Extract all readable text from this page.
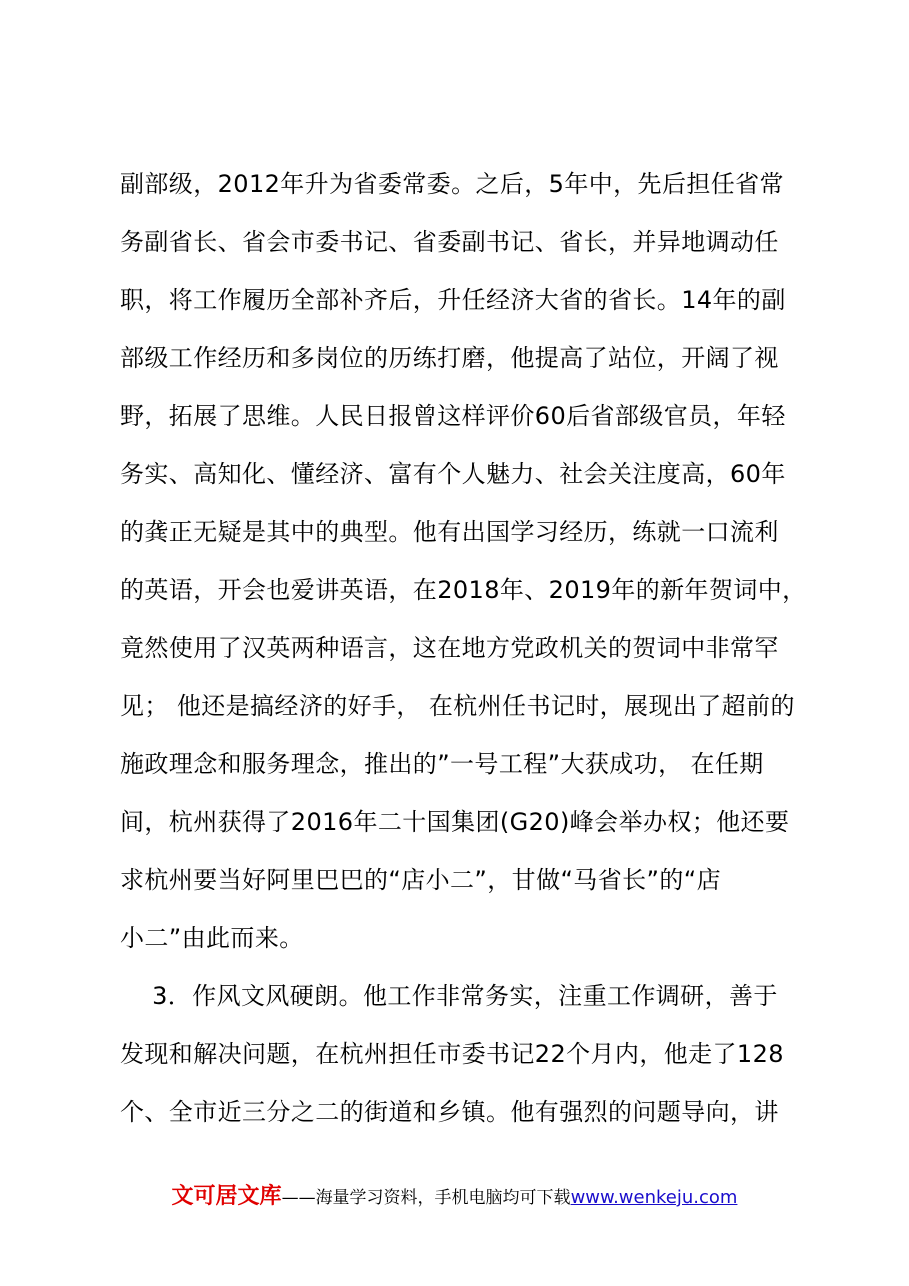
副部级，2012年升为省委常委。之后，5年中，先后担任省常
务副省长、省会市委书记、省委副书记、省长，并异地调动任
职，将工作履历全部补齐后，升任经济大省的省长。14年的副
部级工作经历和多岗位的历练打磨，他提高了站位，开阔了视
野，拓展了思维。人民日报曾这样评价60后省部级官员，年轻
务实、高知化、懂经济、富有个人魅力、社会关注度高，60年
的龚正无疑是其中的典型。他有出国学习经历，练就一口流利
的英语，开会也爱讲英语，在2018年、2019年的新年贺词中，
竟然使用了汉英两种语言，这在地方党政机关的贺词中非常罕
见； 他还是搞经济的好手， 在杭州任书记时，展现出了超前的
施政理念和服务理念，推出的”一号工程”大获成功， 在任期
间，杭州获得了2016年二十国集团(G20)峰会举办权；他还要
求杭州要当好阿里巴巴的“店小二”，甘做“马省长”的“店
小二”由此而来。
3．作风文风硬朗。他工作非常务实，注重工作调研，善于
发现和解决问题，在杭州担任市委书记22个月内，他走了128
个、全市近三分之二的街道和乡镇。他有强烈的问题导向，讲
文可居文库——海量学习资料，手机电脑均可下载www.wenkeju.com
